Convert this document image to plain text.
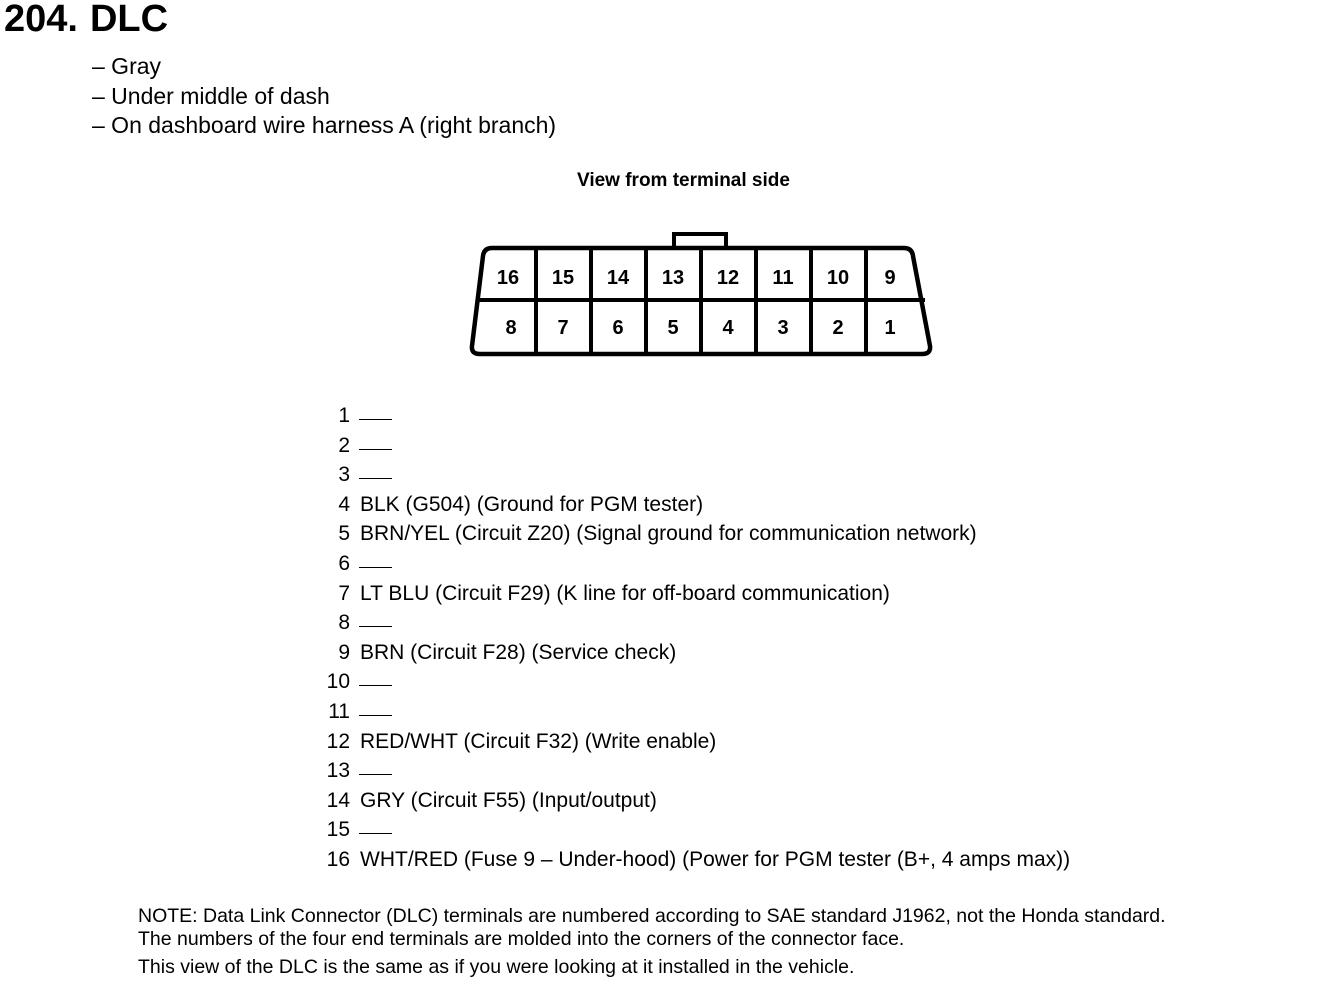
204. DLC
– Gray
– Under middle of dash
– On dashboard wire harness A (right branch)
View from terminal side
16 15 14 13 12 11 10 9
8 7 6 5 4 3 2 1
1
2
3
4 BLK (G504) (Ground for PGM tester)
5 BRN/YEL (Circuit Z20) (Signal ground for communication network)
6
7 LT BLU (Circuit F29) (K line for off-board communication)
8
9 BRN (Circuit F28) (Service check)
10
11
12 RED/WHT (Circuit F32) (Write enable)
13
14 GRY (Circuit F55) (Input/output)
15
16 WHT/RED (Fuse 9 – Under-hood) (Power for PGM tester (B+, 4 amps max))
NOTE: Data Link Connector (DLC) terminals are numbered according to SAE standard J1962, not the Honda standard.
The numbers of the four end terminals are molded into the corners of the connector face.
This view of the DLC is the same as if you were looking at it installed in the vehicle.
